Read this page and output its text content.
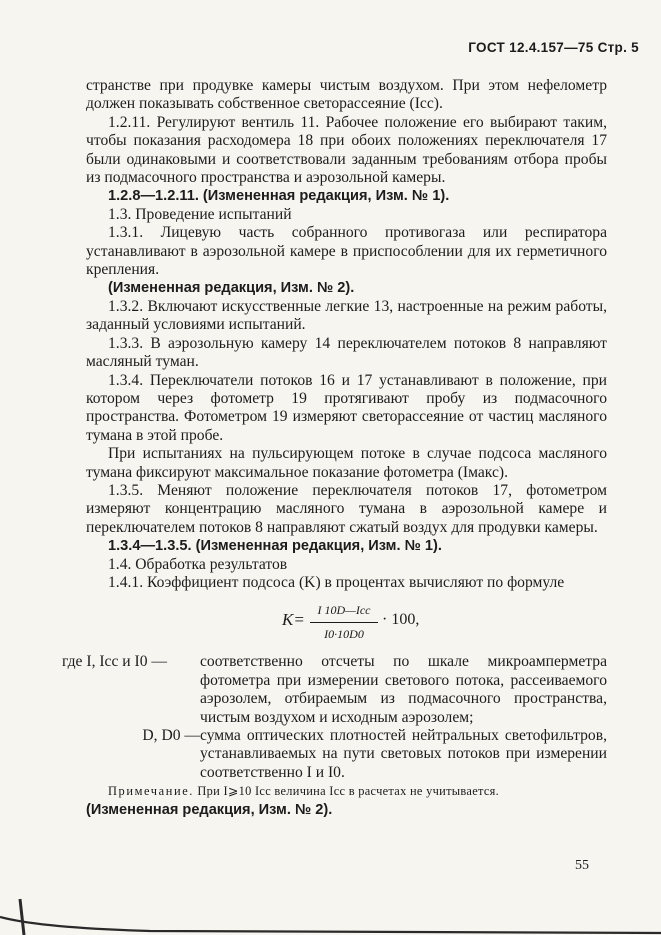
ГОСТ 12.4.157—75 Стр. 5

странстве при продувке камеры чистым воздухом. При этом нефелометр должен показывать собственное светорассеяние (Iсс).

1.2.11. Регулируют вентиль 11. Рабочее положение его выбирают таким, чтобы показания расходомера 18 при обоих положениях переключателя 17 были одинаковыми и соответствовали заданным требованиям отбора пробы из подмасочного пространства и аэрозольной камеры.

1.2.8—1.2.11. (Измененная редакция, Изм. № 1).

1.3. Проведение испытаний

1.3.1. Лицевую часть собранного противогаза или респиратора устанавливают в аэрозольной камере в приспособлении для их герметичного крепления.

(Измененная редакция, Изм. № 2).

1.3.2. Включают искусственные легкие 13, настроенные на режим работы, заданный условиями испытаний.

1.3.3. В аэрозольную камеру 14 переключателем потоков 8 направляют масляный туман.

1.3.4. Переключатели потоков 16 и 17 устанавливают в положение, при котором через фотометр 19 протягивают пробу из подмасочного пространства. Фотометром 19 измеряют светорассеяние от частиц масляного тумана в этой пробе.

При испытаниях на пульсирующем потоке в случае подсоса масляного тумана фиксируют максимальное показание фотометра (Iмакс).

1.3.5. Меняют положение переключателя потоков 17, фотометром измеряют концентрацию масляного тумана в аэрозольной камере и переключателем потоков 8 направляют сжатый воздух для продувки камеры.

1.3.4—1.3.5. (Измененная редакция, Изм. № 1).

1.4. Обработка результатов

1.4.1. Коэффициент подсоса (K) в процентах вычисляют по формуле

K=	I 10D—Iсс
I0·10D0
· 100,
где I, Iсс и I0 —	соответственно отсчеты по шкале микроамперметра фотометра при измерении светового потока, рассеиваемого аэрозолем, отбираемым из подмасочного пространства, чистым воздухом и исходным аэрозолем;
D, D0 — сумма оптических плотностей нейтральных светофильтров, устанавливаемых на пути световых потоков при измерении соответственно I и I0.

Примечание. При I⩾10 Iсс величина Iсс в расчетах не учитывается.

(Измененная редакция, Изм. № 2).

55
